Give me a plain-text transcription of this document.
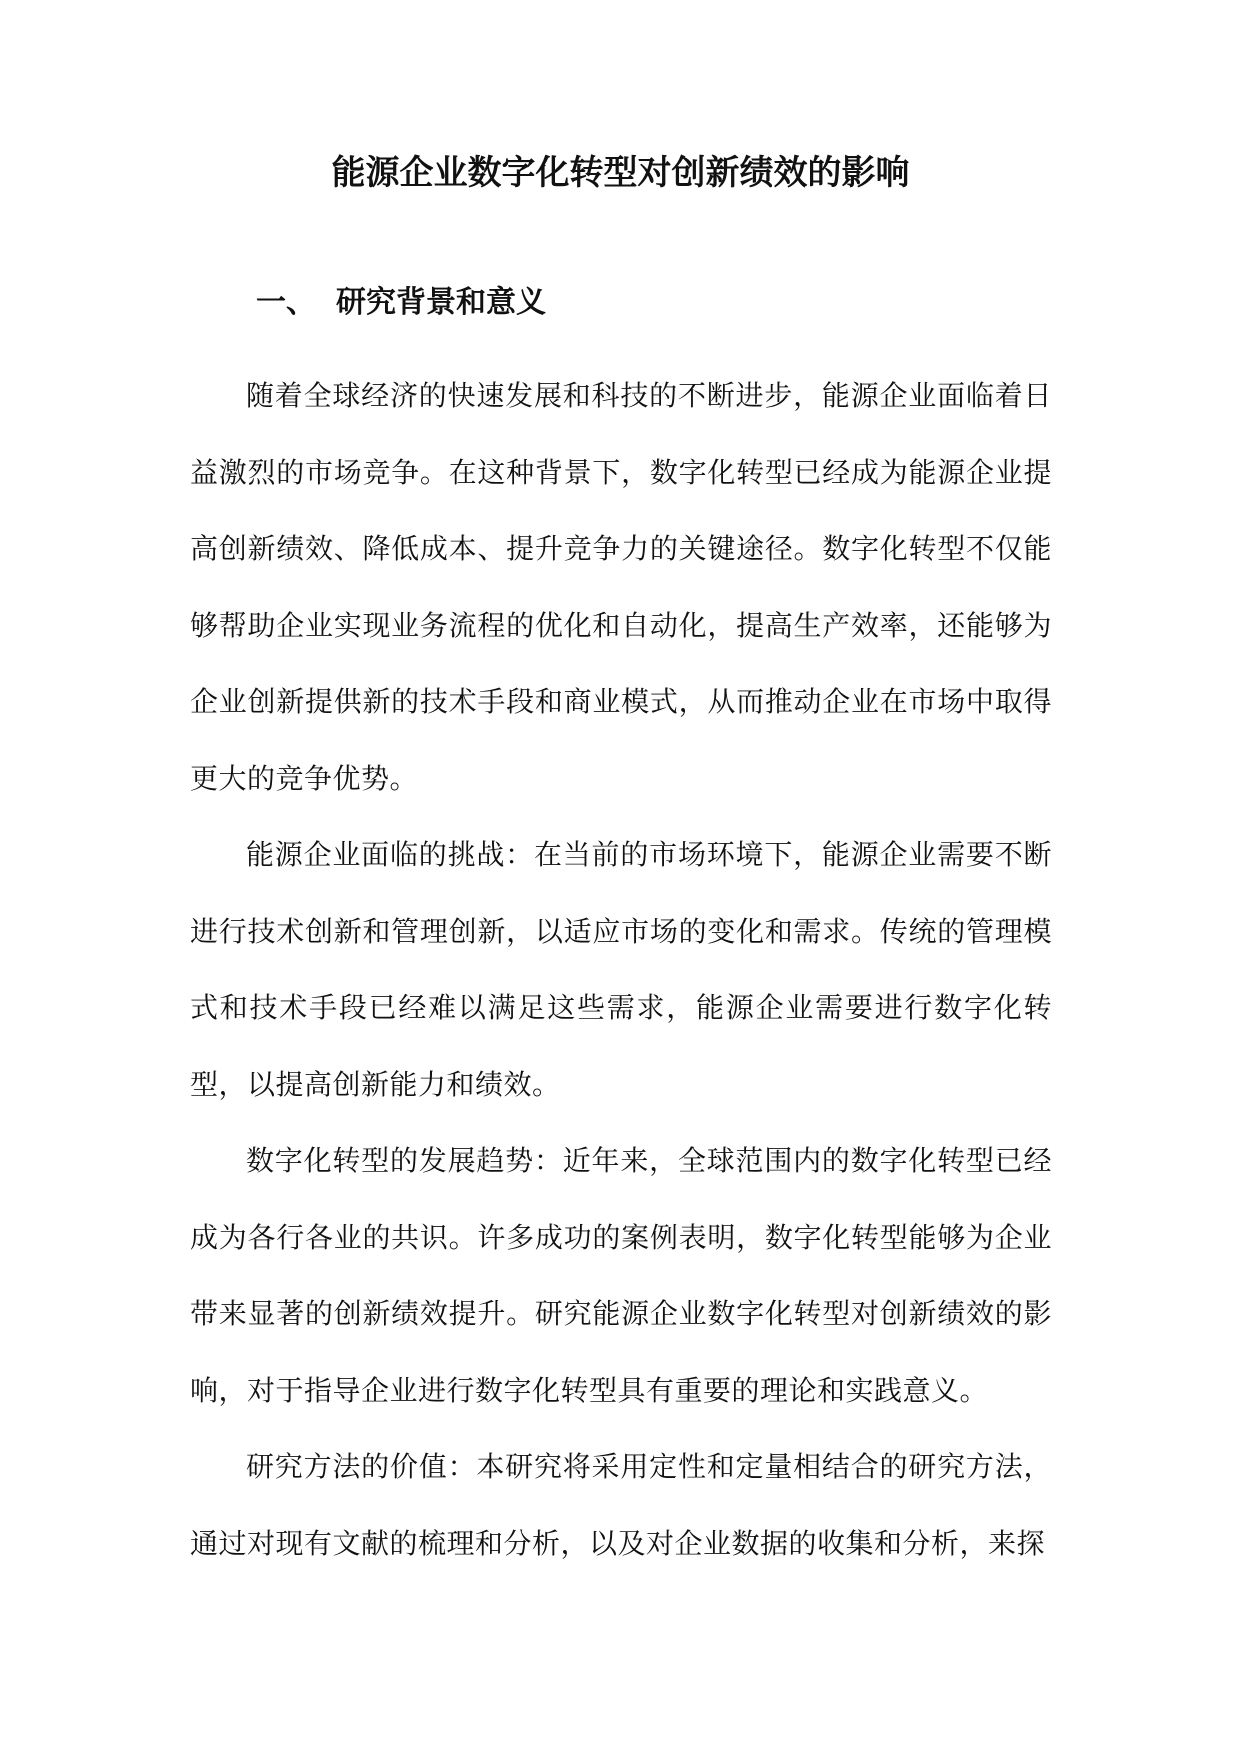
能源企业数字化转型对创新绩效的影响
一、 研究背景和意义

随着全球经济的快速发展和科技的不断进步，能源企业面临着日益激烈的市场竞争。在这种背景下，数字化转型已经成为能源企业提高创新绩效、降低成本、提升竞争力的关键途径。数字化转型不仅能够帮助企业实现业务流程的优化和自动化，提高生产效率，还能够为企业创新提供新的技术手段和商业模式，从而推动企业在市场中取得更大的竞争优势。

能源企业面临的挑战：在当前的市场环境下，能源企业需要不断进行技术创新和管理创新，以适应市场的变化和需求。传统的管理模式和技术手段已经难以满足这些需求，能源企业需要进行数字化转型，以提高创新能力和绩效。

数字化转型的发展趋势：近年来，全球范围内的数字化转型已经成为各行各业的共识。许多成功的案例表明，数字化转型能够为企业带来显著的创新绩效提升。研究能源企业数字化转型对创新绩效的影响，对于指导企业进行数字化转型具有重要的理论和实践意义。

研究方法的价值：本研究将采用定性和定量相结合的研究方法，通过对现有文献的梳理和分析，以及对企业数据的收集和分析，来探
